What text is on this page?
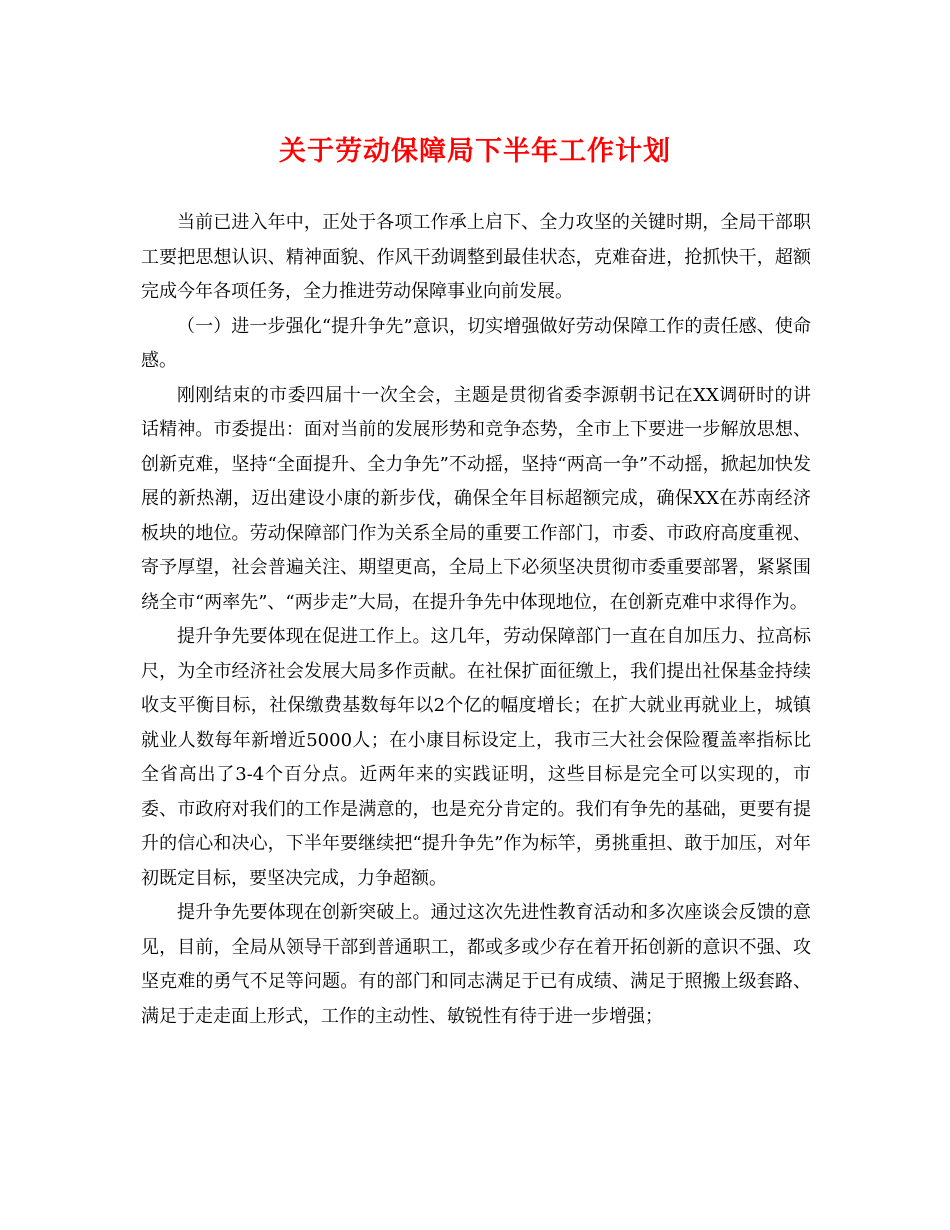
关于劳动保障局下半年工作计划

当前已进入年中，正处于各项工作承上启下、全力攻坚的关键时期，全局干部职工要把思想认识、精神面貌、作风干劲调整到最佳状态，克难奋进，抢抓快干，超额完成今年各项任务，全力推进劳动保障事业向前发展。

（一）进一步强化“提升争先”意识，切实增强做好劳动保障工作的责任感、使命感。

刚刚结束的市委四届十一次全会，主题是贯彻省委李源朝书记在XX调研时的讲话精神。市委提出：面对当前的发展形势和竞争态势，全市上下要进一步解放思想、创新克难，坚持“全面提升、全力争先”不动摇，坚持“两高一争”不动摇，掀起加快发展的新热潮，迈出建设小康的新步伐，确保全年目标超额完成，确保XX在苏南经济板块的地位。劳动保障部门作为关系全局的重要工作部门，市委、市政府高度重视、寄予厚望，社会普遍关注、期望更高，全局上下必须坚决贯彻市委重要部署，紧紧围绕全市“两率先”、“两步走”大局，在提升争先中体现地位，在创新克难中求得作为。

提升争先要体现在促进工作上。这几年，劳动保障部门一直在自加压力、拉高标尺，为全市经济社会发展大局多作贡献。在社保扩面征缴上，我们提出社保基金持续收支平衡目标，社保缴费基数每年以2个亿的幅度增长；在扩大就业再就业上，城镇就业人数每年新增近5000人；在小康目标设定上，我市三大社会保险覆盖率指标比全省高出了3-4个百分点。近两年来的实践证明，这些目标是完全可以实现的，市委、市政府对我们的工作是满意的，也是充分肯定的。我们有争先的基础，更要有提升的信心和决心，下半年要继续把“提升争先”作为标竿，勇挑重担、敢于加压，对年初既定目标，要坚决完成，力争超额。

提升争先要体现在创新突破上。通过这次先进性教育活动和多次座谈会反馈的意见，目前，全局从领导干部到普通职工，都或多或少存在着开拓创新的意识不强、攻坚克难的勇气不足等问题。有的部门和同志满足于已有成绩、满足于照搬上级套路、满足于走走面上形式，工作的主动性、敏锐性有待于进一步增强；
